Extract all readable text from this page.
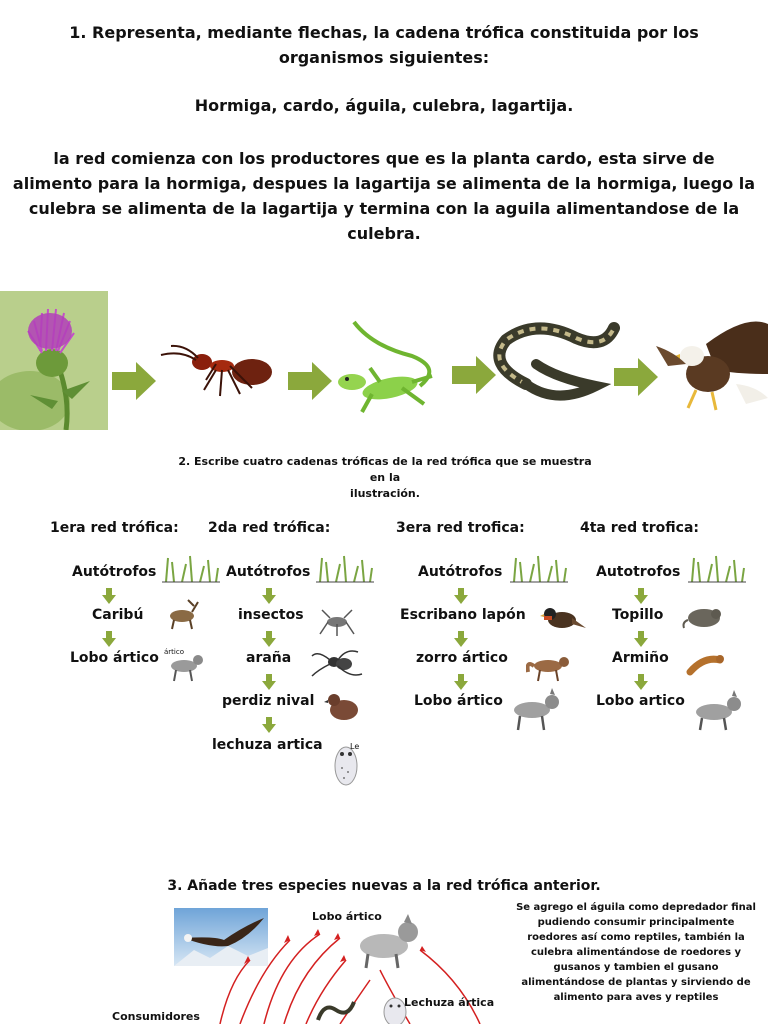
1. Representa, mediante flechas, la cadena trófica constituida por los
organismos siguientes:
Hormiga, cardo, águila, culebra, lagartija.
la red comienza con los productores que es la planta cardo, esta sirve de
alimento para la hormiga, despues la lagartija se alimenta de la hormiga, luego la
culebra se alimenta de la lagartija y termina con la aguila alimentandose de la
culebra.
2. Escribe cuatro cadenas tróficas de la red trófica que se muestra
en la
ilustración.
1era red trófica:
Autótrofos
Caribú
Lobo ártico ártico
2da red trófica:
Autótrofos
insectos
araña
perdiz nival
lechuza artica	Le
3era red trofica:
Autótrofos
Escribano lapón
zorro ártico
Lobo ártico
4ta red trofica:
Autotrofos
Topillo
Armiño
Lobo artico
3. Añade tres especies nuevas a la red trófica anterior.
Se agrego el águila como depredador final
pudiendo consumir principalmente
roedores así como reptiles, también la
culebra alimentándose de roedores y
gusanos y tambien el gusano
alimentándose de plantas y sirviendo de
alimento para aves y reptiles
Lobo ártico
Lechuza ártica
Consumidores
